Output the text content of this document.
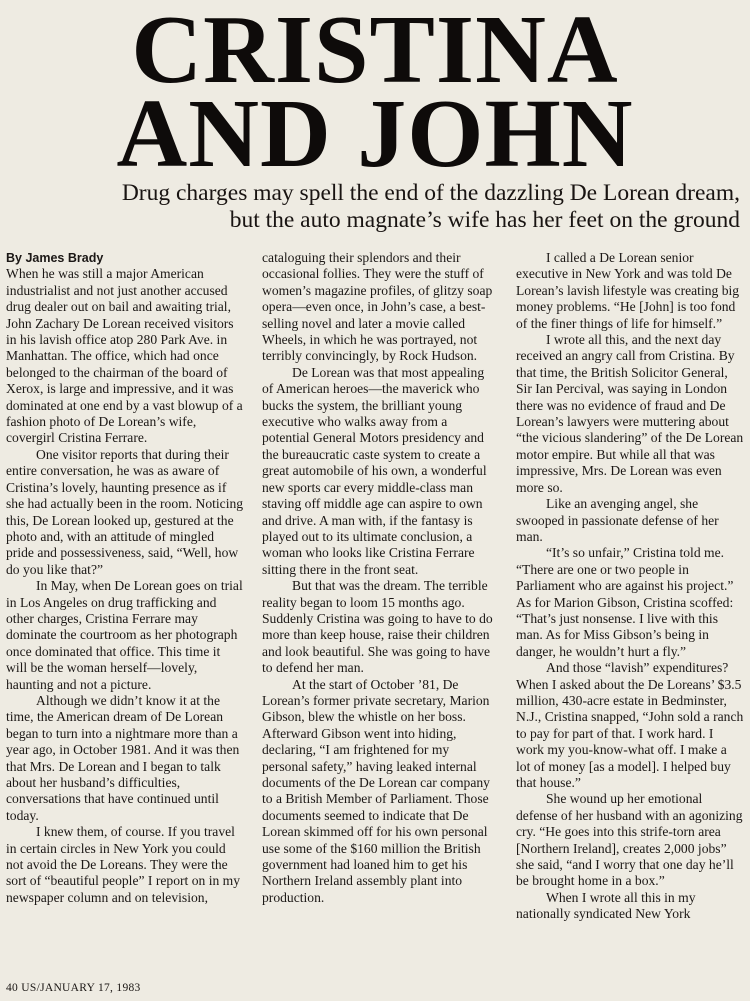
CRISTINA
AND JOHN
Drug charges may spell the end of the dazzling De Lorean dream,
but the auto magnate’s wife has her feet on the ground

By James Brady

When he was still a major American industrialist and not just another accused drug dealer out on bail and awaiting trial, John Zachary De Lorean received visitors in his lavish office atop 280 Park Ave. in Manhattan. The office, which had once belonged to the chairman of the board of Xerox, is large and impressive, and it was dominated at one end by a vast blowup of a fashion photo of De Lorean’s wife, covergirl Cristina Ferrare.

One visitor reports that during their entire conversation, he was as aware of Cristina’s lovely, haunting presence as if she had actually been in the room. Noticing this, De Lorean looked up, gestured at the photo and, with an attitude of mingled pride and possessiveness, said, “Well, how do you like that?”

In May, when De Lorean goes on trial in Los Angeles on drug trafficking and other charges, Cristina Ferrare may dominate the courtroom as her photograph once dominated that office. This time it will be the woman herself—lovely, haunting and not a picture.

Although we didn’t know it at the time, the American dream of De Lorean began to turn into a nightmare more than a year ago, in October 1981. And it was then that Mrs. De Lorean and I began to talk about her husband’s difficulties, conversations that have continued until today.

I knew them, of course. If you travel in certain circles in New York you could not avoid the De Loreans. They were the sort of “beautiful people” I report on in my newspaper column and on television,

cataloguing their splendors and their occasional follies. They were the stuff of women’s magazine profiles, of glitzy soap opera—even once, in John’s case, a best-selling novel and later a movie called Wheels, in which he was portrayed, not terribly convincingly, by Rock Hudson.

De Lorean was that most appealing of American heroes—the maverick who bucks the system, the brilliant young executive who walks away from a potential General Motors presidency and the bureaucratic caste system to create a great automobile of his own, a wonderful new sports car every middle-class man staving off middle age can aspire to own and drive. A man with, if the fantasy is played out to its ultimate conclusion, a woman who looks like Cristina Ferrare sitting there in the front seat.

But that was the dream. The terrible reality began to loom 15 months ago. Suddenly Cristina was going to have to do more than keep house, raise their children and look beautiful. She was going to have to defend her man.

At the start of October ’81, De Lorean’s former private secretary, Marion Gibson, blew the whistle on her boss. Afterward Gibson went into hiding, declaring, “I am frightened for my personal safety,” having leaked internal documents of the De Lorean car company to a British Member of Parliament. Those documents seemed to indicate that De Lorean skimmed off for his own personal use some of the $160 million the British government had loaned him to get his Northern Ireland assembly plant into production.

I called a De Lorean senior executive in New York and was told De Lorean’s lavish lifestyle was creating big money problems. “He [John] is too fond of the finer things of life for himself.”

I wrote all this, and the next day received an angry call from Cristina. By that time, the British Solicitor General, Sir Ian Percival, was saying in London there was no evidence of fraud and De Lorean’s lawyers were muttering about “the vicious slandering” of the De Lorean motor empire. But while all that was impressive, Mrs. De Lorean was even more so.

Like an avenging angel, she swooped in passionate defense of her man.

“It’s so unfair,” Cristina told me. “There are one or two people in Parliament who are against his project.” As for Marion Gibson, Cristina scoffed: “That’s just nonsense. I live with this man. As for Miss Gibson’s being in danger, he wouldn’t hurt a fly.”

And those “lavish” expenditures? When I asked about the De Loreans’ $3.5 million, 430-acre estate in Bedminster, N.J., Cristina snapped, “John sold a ranch to pay for part of that. I work hard. I work my you-know-what off. I make a lot of money [as a model]. I helped buy that house.”

She wound up her emotional defense of her husband with an agonizing cry. “He goes into this strife-torn area [Northern Ireland], creates 2,000 jobs” she said, “and I worry that one day he’ll be brought home in a box.”

When I wrote all this in my nationally syndicated New York

40 US/JANUARY 17, 1983
